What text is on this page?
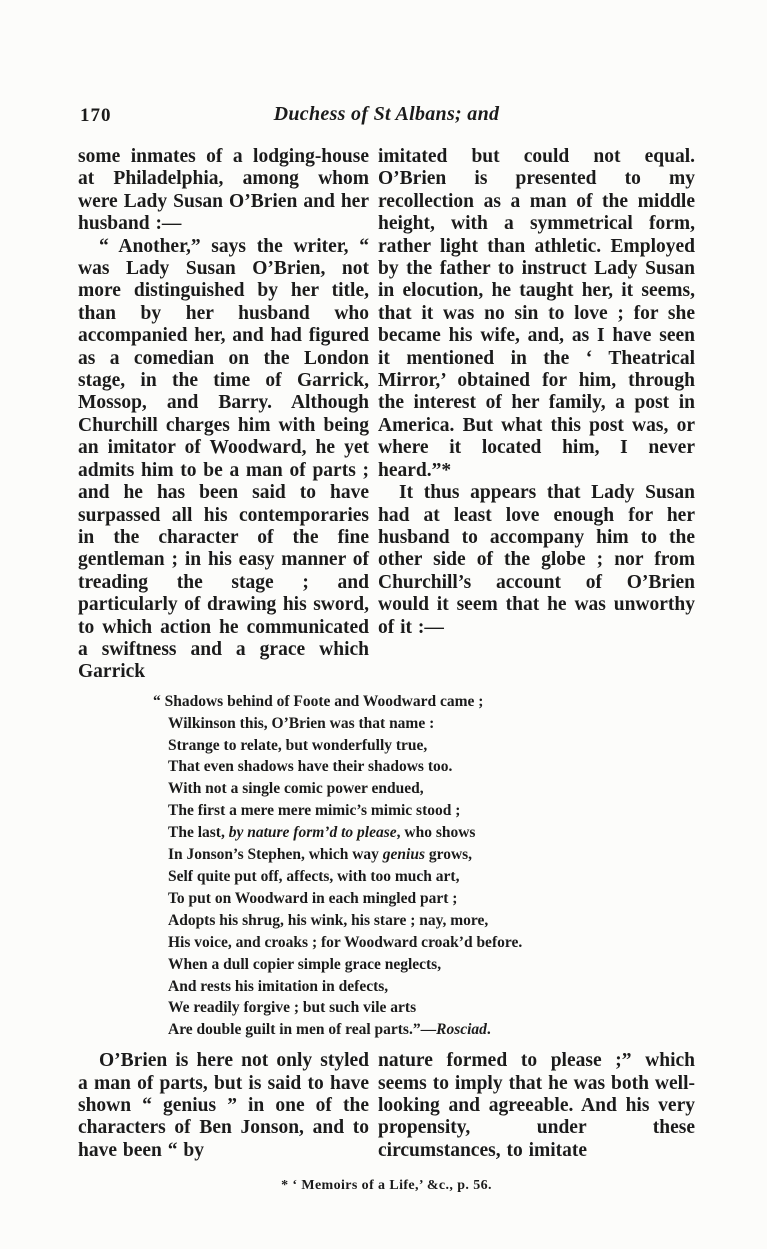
170	Duchess of St Albans; and

some inmates of a lodging-house at Philadelphia, among whom were Lady Susan O’Brien and her husband :—

“ Another,” says the writer, “ was Lady Susan O’Brien, not more distinguished by her title, than by her husband who accompanied her, and had figured as a comedian on the London stage, in the time of Garrick, Mossop, and Barry. Although Churchill charges him with being an imitator of Woodward, he yet admits him to be a man of parts ; and he has been said to have surpassed all his contemporaries in the character of the fine gentleman ; in his easy manner of treading the stage ; and particularly of drawing his sword, to which action he communicated a swiftness and a grace which Garrick

imitated but could not equal. O’Brien is presented to my recollection as a man of the middle height, with a symmetrical form, rather light than athletic. Employed by the father to instruct Lady Susan in elocution, he taught her, it seems, that it was no sin to love ; for she became his wife, and, as I have seen it mentioned in the ‘ Theatrical Mirror,’ obtained for him, through the interest of her family, a post in America. But what this post was, or where it located him, I never heard.”*

It thus appears that Lady Susan had at least love enough for her husband to accompany him to the other side of the globe ; nor from Churchill’s account of O’Brien would it seem that he was unworthy of it :—

“ Shadows behind of Foote and Woodward came ;
Wilkinson this, O’Brien was that name :
Strange to relate, but wonderfully true,
That even shadows have their shadows too.
With not a single comic power endued,
The first a mere mere mimic’s mimic stood ;
The last, by nature form’d to please, who shows
In Jonson’s Stephen, which way genius grows,
Self quite put off, affects, with too much art,
To put on Woodward in each mingled part ;
Adopts his shrug, his wink, his stare ; nay, more,
His voice, and croaks ; for Woodward croak’d before.
When a dull copier simple grace neglects,
And rests his imitation in defects,
We readily forgive ; but such vile arts
Are double guilt in men of real parts.”—Rosciad.

O’Brien is here not only styled a man of parts, but is said to have shown “ genius ” in one of the characters of Ben Jonson, and to have been “ by

nature formed to please ;” which seems to imply that he was both well-looking and agreeable. And his very propensity, under these circumstances, to imitate

* ‘ Memoirs of a Life,’ &c., p. 56.
